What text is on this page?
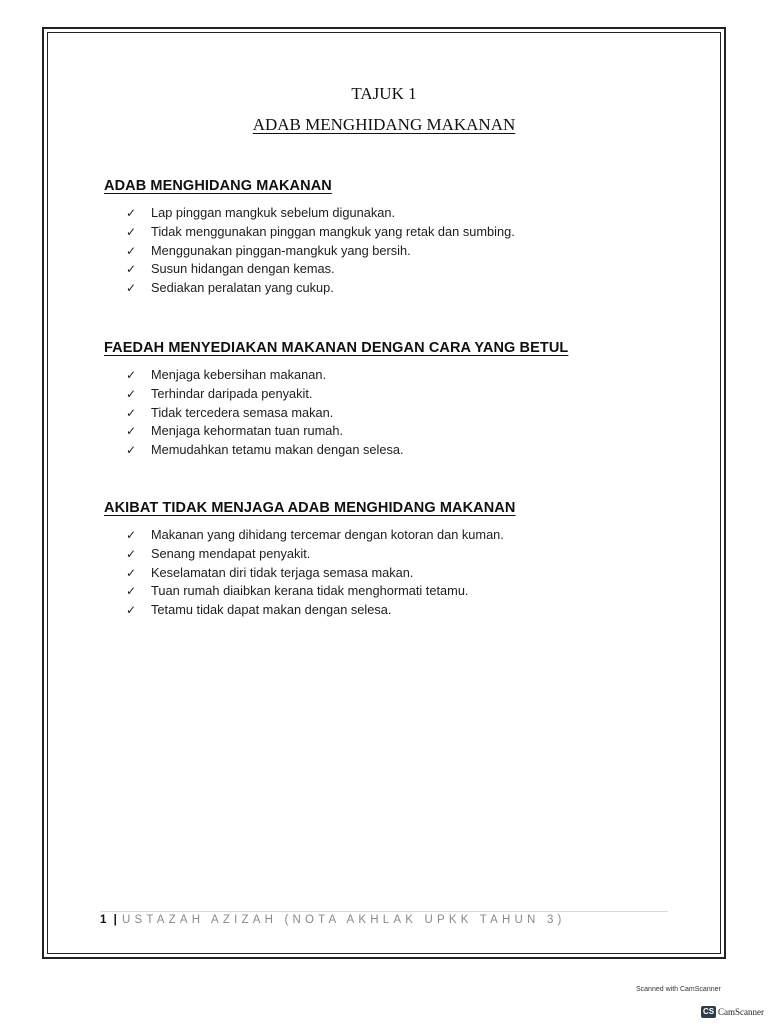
TAJUK 1
ADAB MENGHIDANG MAKANAN
ADAB MENGHIDANG MAKANAN
✓ Lap pinggan mangkuk sebelum digunakan.
✓ Tidak menggunakan pinggan mangkuk yang retak dan sumbing.
✓ Menggunakan pinggan-mangkuk yang bersih.
✓ Susun hidangan dengan kemas.
✓ Sediakan peralatan yang cukup.
FAEDAH MENYEDIAKAN MAKANAN DENGAN CARA YANG BETUL
✓ Menjaga kebersihan makanan.
✓ Terhindar daripada penyakit.
✓ Tidak tercedera semasa makan.
✓ Menjaga kehormatan tuan rumah.
✓ Memudahkan tetamu makan dengan selesa.
AKIBAT TIDAK MENJAGA ADAB MENGHIDANG MAKANAN
✓ Makanan yang dihidang tercemar dengan kotoran dan kuman.
✓ Senang mendapat penyakit.
✓ Keselamatan diri tidak terjaga semasa makan.
✓ Tuan rumah diaibkan kerana tidak menghormati tetamu.
✓ Tetamu tidak dapat makan dengan selesa.
1 | USTAZAH AZIZAH (NOTA AKHLAK UPKK TAHUN 3)
Scanned with CamScanner
CS CamScanner
